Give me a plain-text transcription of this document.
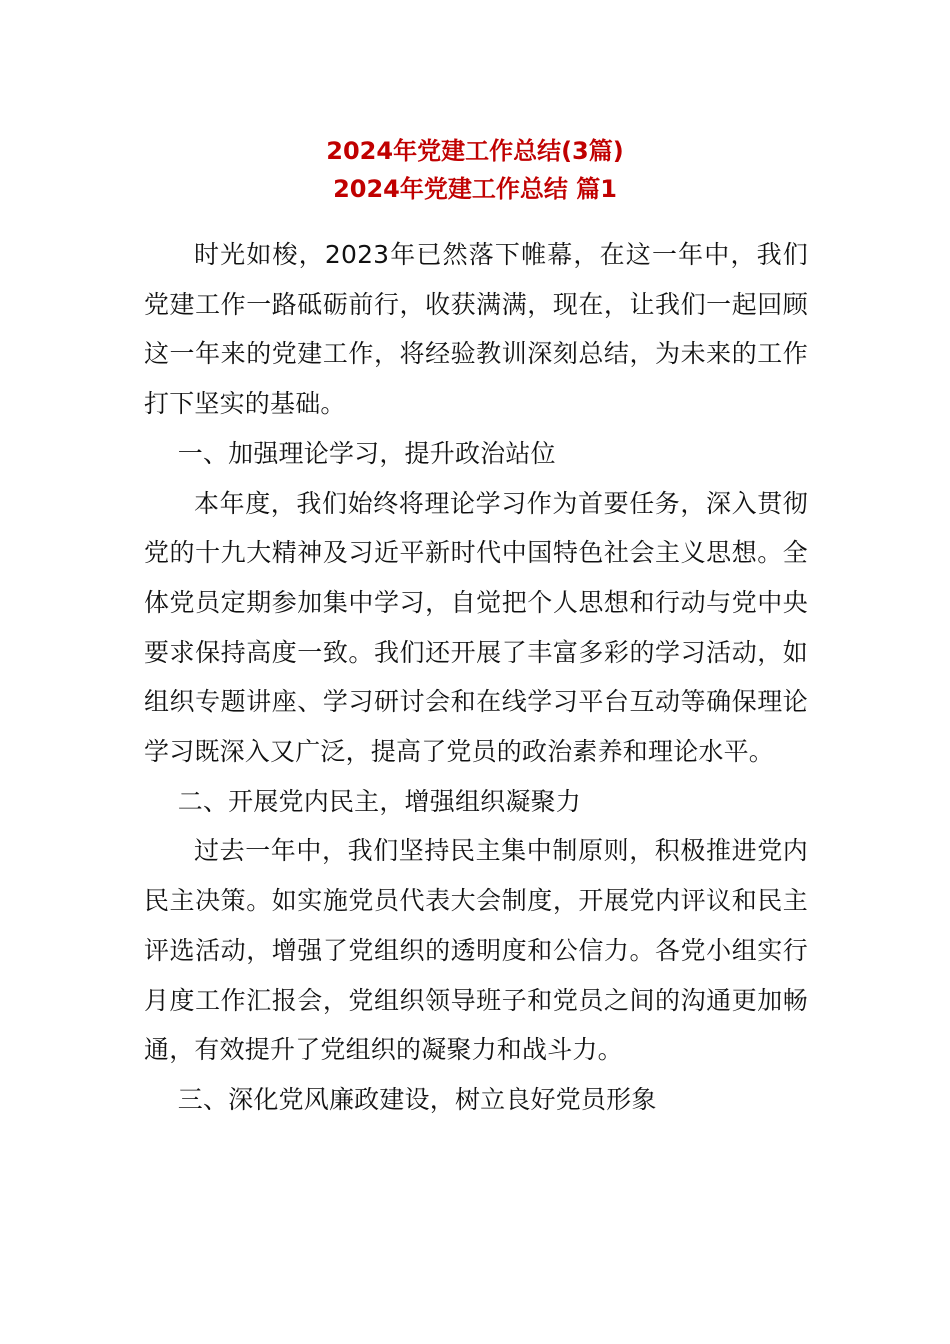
2024年党建工作总结(3篇)
2024年党建工作总结 篇1

时光如梭，2023年已然落下帷幕，在这一年中，我们党建工作一路砥砺前行，收获满满，现在，让我们一起回顾这一年来的党建工作，将经验教训深刻总结，为未来的工作打下坚实的基础。

一、加强理论学习，提升政治站位

本年度，我们始终将理论学习作为首要任务，深入贯彻党的十九大精神及习近平新时代中国特色社会主义思想。全体党员定期参加集中学习，自觉把个人思想和行动与党中央要求保持高度一致。我们还开展了丰富多彩的学习活动，如组织专题讲座、学习研讨会和在线学习平台互动等确保理论学习既深入又广泛，提高了党员的政治素养和理论水平。

二、开展党内民主，增强组织凝聚力

过去一年中，我们坚持民主集中制原则，积极推进党内民主决策。如实施党员代表大会制度，开展党内评议和民主评选活动，增强了党组织的透明度和公信力。各党小组实行月度工作汇报会，党组织领导班子和党员之间的沟通更加畅通，有效提升了党组织的凝聚力和战斗力。

三、深化党风廉政建设，树立良好党员形象
